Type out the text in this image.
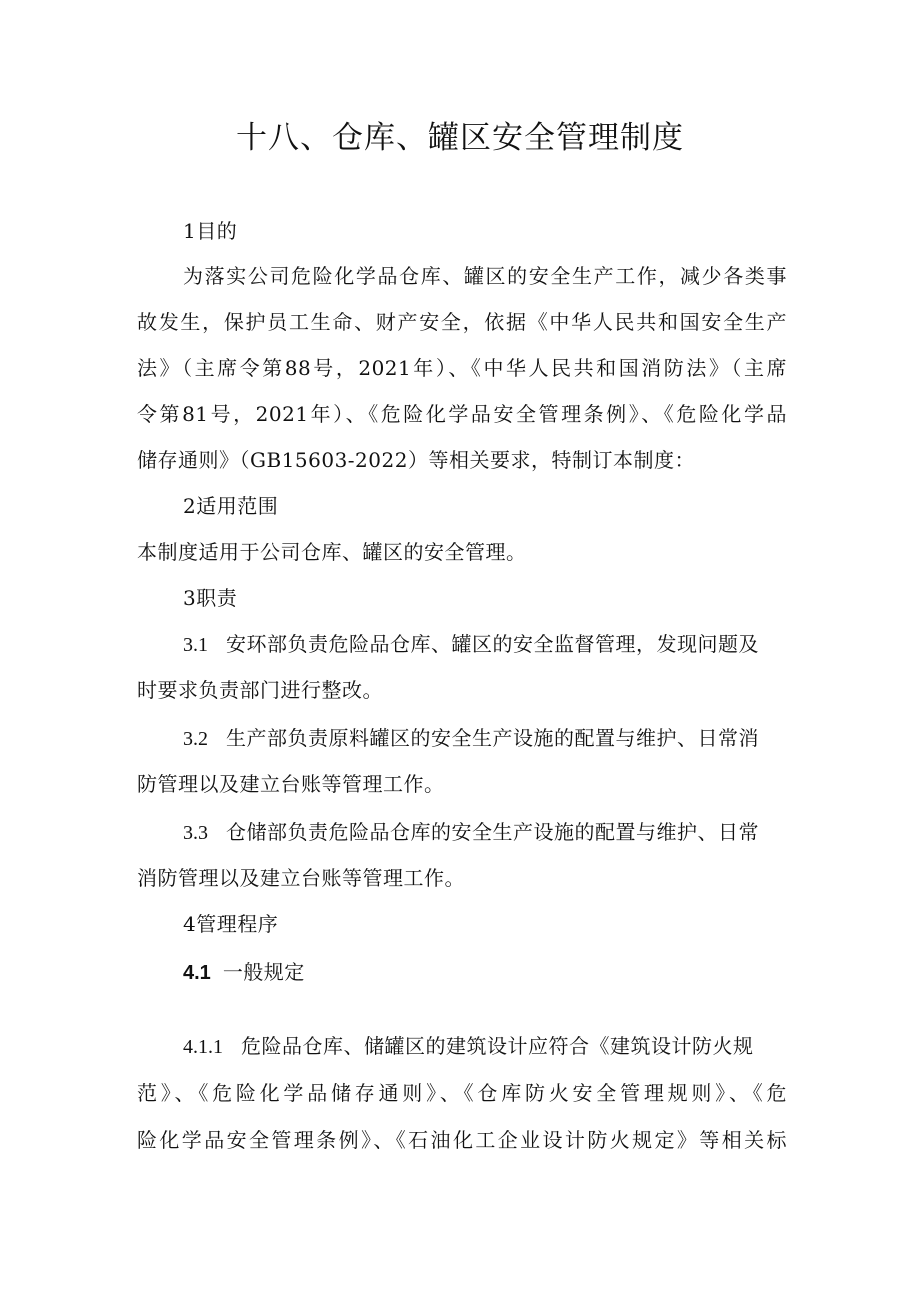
十八、仓库、罐区安全管理制度
1目的
为落实公司危险化学品仓库、罐区的安全生产工作，减少各类事
故发生，保护员工生命、财产安全，依据《中华人民共和国安全生产
法》（主席令第88号，2021年）、《中华人民共和国消防法》（主席
令第81号，2021年）、《危险化学品安全管理条例》、《危险化学品
储存通则》（GB15603-2022）等相关要求，特制订本制度：
2适用范围
本制度适用于公司仓库、罐区的安全管理。
3职责
3.1 安环部负责危险品仓库、罐区的安全监督管理，发现问题及
时要求负责部门进行整改。
3.2 生产部负责原料罐区的安全生产设施的配置与维护、日常消
防管理以及建立台账等管理工作。
3.3 仓储部负责危险品仓库的安全生产设施的配置与维护、日常
消防管理以及建立台账等管理工作。
4管理程序
4.1 一般规定
4.1.1 危险品仓库、储罐区的建筑设计应符合《建筑设计防火规
范》、《危险化学品储存通则》、《仓库防火安全管理规则》、《危
险化学品安全管理条例》、《石油化工企业设计防火规定》等相关标
